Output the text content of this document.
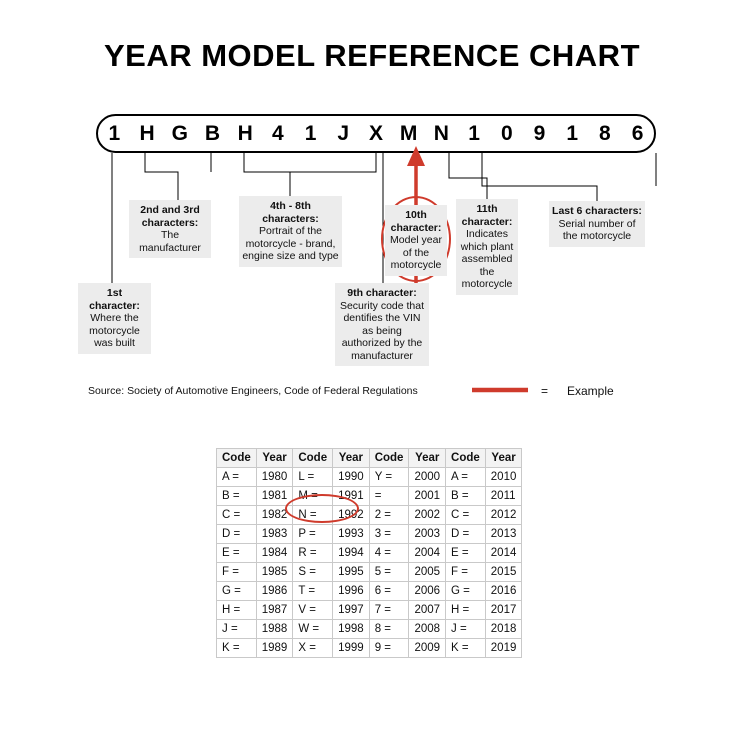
YEAR MODEL REFERENCE CHART
1 H G B H 4	1	J X M N 1	0	9	1	8	6
1st character:
Where the motorcycle was built
2nd and 3rd characters:
The manufacturer
4th - 8th characters:
Portrait of the motorcycle - brand, engine size and type
9th character: Security code that dentifies the VIN as being authorized by the manufacturer
10th character:
Model year of the motorcycle
11th character:
Indicates which plant assembled the motorcycle
Last 6 characters:
Serial number of the motorcycle
Source: Society of Automotive Engineers, Code of Federal Regulations	= Example
Code	Year	Code	Year	Code	Year	Code	Year
A =	1980	L =	1990	Y =	2000	A =	2010
B =	1981	M =	1991	=	2001	B =	2011
C =	1982	N =	1992	2 =	2002	C =	2012
D =	1983	P =	1993	3 =	2003	D =	2013
E =	1984	R =	1994	4 =	2004	E =	2014
F =	1985	S =	1995	5 =	2005	F =	2015
G =	1986	T =	1996	6 =	2006	G =	2016
H =	1987	V =	1997	7 =	2007	H =	2017
J =	1988	W =	1998	8 =	2008	J =	2018
K =	1989	X =	1999	9 =	2009	K =	2019
